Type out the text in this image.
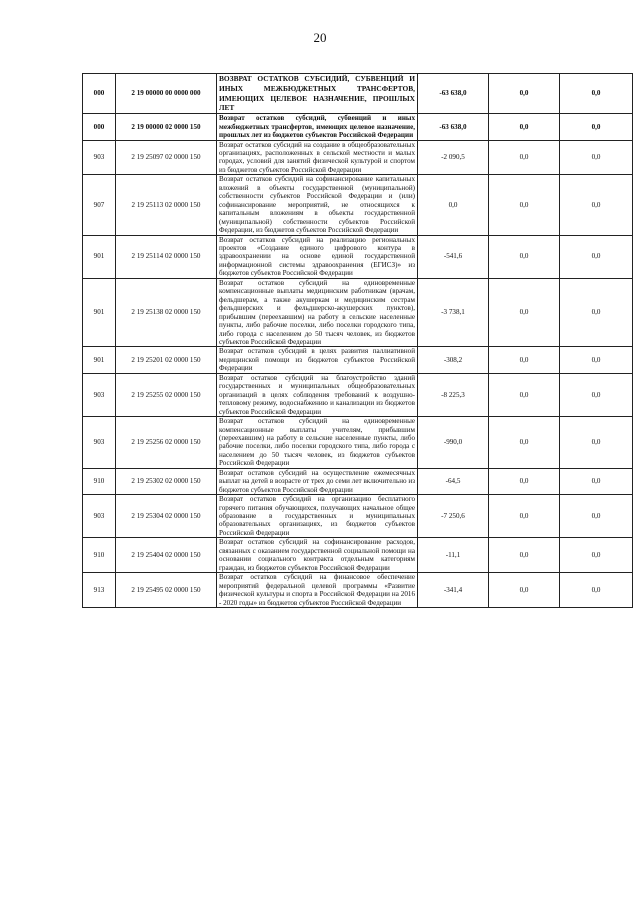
20
000	2 19 00000 00 0000 000	ВОЗВРАТ ОСТАТКОВ СУБСИДИЙ, СУБВЕНЦИЙ И ИНЫХ МЕЖБЮДЖЕТНЫХ ТРАНСФЕРТОВ, ИМЕЮЩИХ ЦЕЛЕВОЕ НАЗНАЧЕНИЕ, ПРОШЛЫХ ЛЕТ	-63 638,0	0,0	0,0
000	2 19 00000 02 0000 150	Возврат остатков субсидий, субвенций и иных межбюджетных трансфертов, имеющих целевое назначение, прошлых лет из бюджетов субъектов Российской Федерации	-63 638,0	0,0	0,0
903	2 19 25097 02 0000 150	Возврат остатков субсидий на создание в общеобразовательных организациях, расположенных в сельской местности и малых городах, условий для занятий физической культурой и спортом из бюджетов субъектов Российской Федерации	-2 090,5	0,0	0,0
907	2 19 25113 02 0000 150	Возврат остатков субсидий на софинансирование капитальных вложений в объекты государственной (муниципальной) собственности субъектов Российской Федерации и (или) софинансирование мероприятий, не относящихся к капитальным вложениям в объекты государственной (муниципальной) собственности субъектов Российской Федерации, из бюджетов субъектов Российской Федерации	0,0	0,0	0,0
901	2 19 25114 02 0000 150	Возврат остатков субсидий на реализацию региональных проектов «Создание единого цифрового контура в здравоохранении на основе единой государственной информационной системы здравоохранения (ЕГИСЗ)» из бюджетов субъектов Российской Федерации	-541,6	0,0	0,0
901	2 19 25138 02 0000 150	Возврат остатков субсидий на единовременные компенсационные выплаты медицинским работникам (врачам, фельдшерам, а также акушеркам и медицинским сестрам фельдшерских и фельдшерско-акушерских пунктов), прибывшим (переехавшим) на работу в сельские населенные пункты, либо рабочие поселки, либо поселки городского типа, либо города с населением до 50 тысяч человек, из бюджетов субъектов Российской Федерации	-3 738,1	0,0	0,0
901	2 19 25201 02 0000 150	Возврат остатков субсидий в целях развития паллиативной медицинской помощи из бюджетов субъектов Российской Федерации	-308,2	0,0	0,0
903	2 19 25255 02 0000 150	Возврат остатков субсидий на благоустройство зданий государственных и муниципальных общеобразовательных организаций в целях соблюдения требований к воздушно-тепловому режиму, водоснабжению и канализации из бюджетов субъектов Российской Федерации	-8 225,3	0,0	0,0
903	2 19 25256 02 0000 150	Возврат остатков субсидий на единовременные компенсационные выплаты учителям, прибывшим (переехавшим) на работу в сельские населенные пункты, либо рабочие поселки, либо поселки городского типа, либо города с населением до 50 тысяч человек, из бюджетов субъектов Российской Федерации	-990,0	0,0	0,0
910	2 19 25302 02 0000 150	Возврат остатков субсидий на осуществление ежемесячных выплат на детей в возрасте от трех до семи лет включительно из бюджетов субъектов Российской Федерации	-64,5	0,0	0,0
903	2 19 25304 02 0000 150	Возврат остатков субсидий на организацию бесплатного горячего питания обучающихся, получающих начальное общее образование в государственных и муниципальных образовательных организациях, из бюджетов субъектов Российской Федерации	-7 250,6	0,0	0,0
910	2 19 25404 02 0000 150	Возврат остатков субсидий на софинансирование расходов, связанных с оказанием государственной социальной помощи на основании социального контракта отдельным категориям граждан, из бюджетов субъектов Российской Федерации	-11,1	0,0	0,0
913	2 19 25495 02 0000 150	Возврат остатков субсидий на финансовое обеспечение мероприятий федеральной целевой программы «Развитие физической культуры и спорта в Российской Федерации на 2016 - 2020 годы» из бюджетов субъектов Российской Федерации	-341,4	0,0	0,0
